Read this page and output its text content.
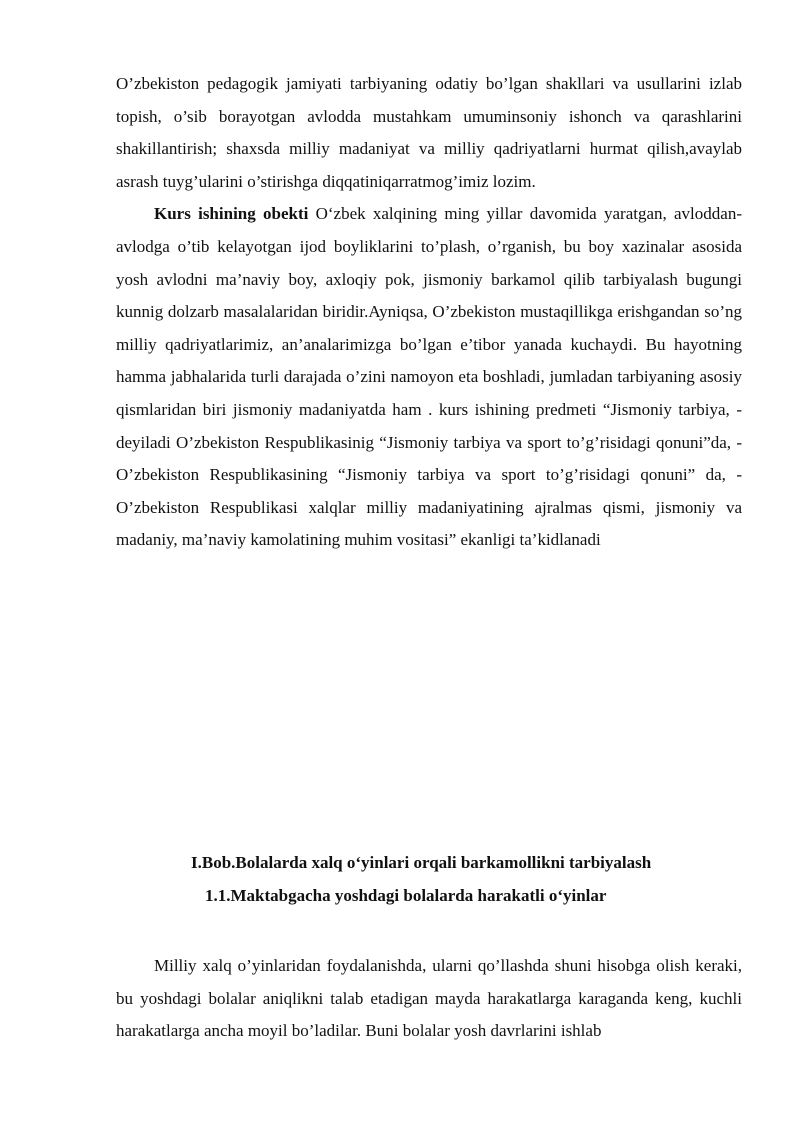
O’zbekiston pedagogik jamiyati tarbiyaning odatiy bo’lgan shakllari va usullarini izlab topish, o’sib borayotgan avlodda mustahkam umuminsoniy ishonch va qarashlarini shakillantirish; shaxsda milliy madaniyat va milliy qadriyatlarni hurmat qilish,avaylab asrash tuyg’ularini o’stirishga diqqatiniqarratmog’imiz lozim.

Kurs ishining obekti O‘zbek xalqining ming yillar davomida yaratgan, avloddan-avlodga o’tib kelayotgan ijod boyliklarini to’plash, o’rganish, bu boy xazinalar asosida yosh avlodni ma’naviy boy, axloqiy pok, jismoniy barkamol qilib tarbiyalash bugungi kunnig dolzarb masalalaridan biridir.Ayniqsa, O’zbekiston mustaqillikga erishgandan so’ng milliy qadriyatlarimiz, an’analarimizga bo’lgan e’tibor yanada kuchaydi. Bu hayotning hamma jabhalarida turli darajada o’zini namoyon eta boshladi, jumladan tarbiyaning asosiy qismlaridan biri jismoniy madaniyatda ham . kurs ishining predmeti “Jismoniy tarbiya, - deyiladi O’zbekiston Respublikasinig “Jismoniy tarbiya va sport to’g’risidagi qonuni”da, - O’zbekiston Respublikasining “Jismoniy tarbiya va sport to’g’risidagi qonuni” da, - O’zbekiston Respublikasi xalqlar milliy madaniyatining ajralmas qismi, jismoniy va madaniy, ma’naviy kamolatining muhim vositasi” ekanligi ta’kidlanadi

I.Bob.Bolalarda xalq o‘yinlari orqali barkamollikni tarbiyalash
1.1.Maktabgacha yoshdagi bolalarda harakatli o‘yinlar

Milliy xalq o’yinlaridan foydalanishda, ularni qo’llashda shuni hisobga olish keraki, bu yoshdagi bolalar aniqlikni talab etadigan mayda harakatlarga karaganda keng, kuchli harakatlarga ancha moyil bo’ladilar. Buni bolalar yosh davrlarini ishlab
